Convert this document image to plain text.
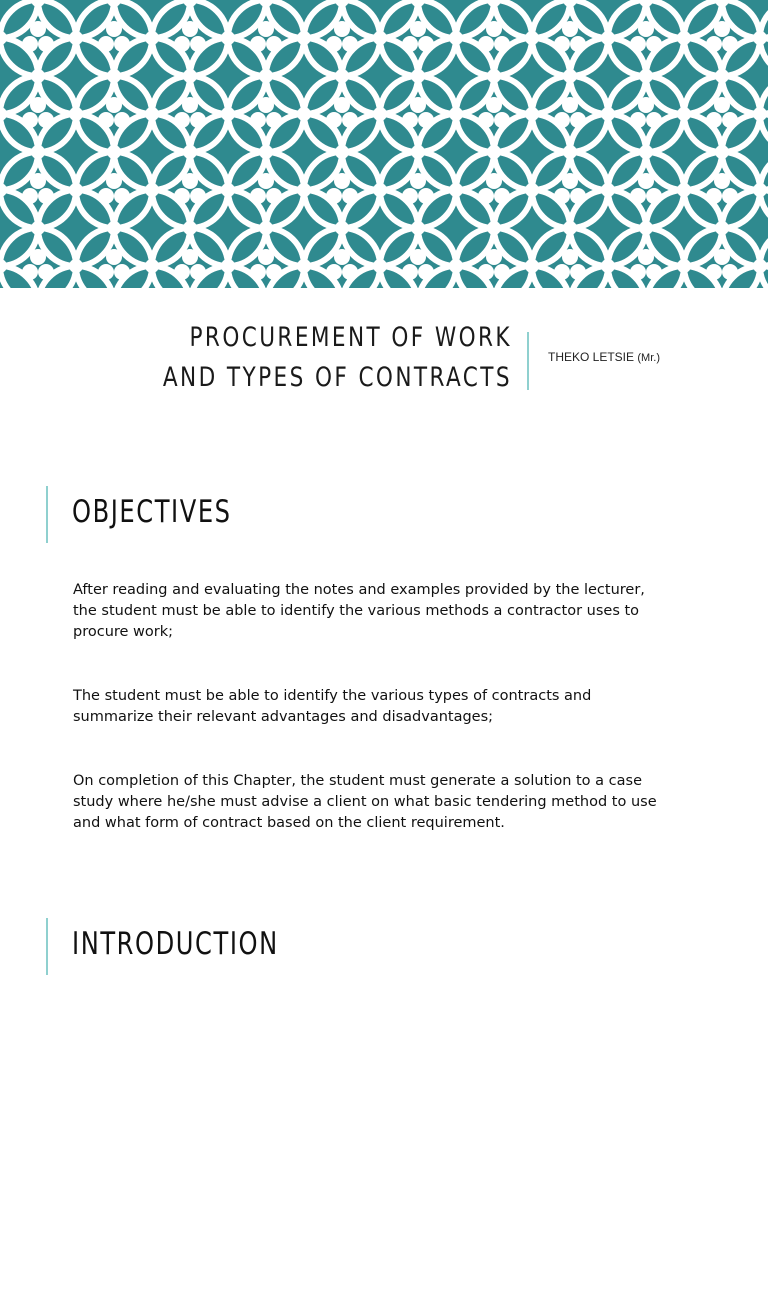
PROCUREMENT OF WORK AND TYPES OF CONTRACTS
THEKO LETSIE (Mr.)
OBJECTIVES

After reading and evaluating the notes and examples provided by the lecturer, the student must be able to identify the various methods a contractor uses to procure work;

The student must be able to identify the various types of contracts and summarize their relevant advantages and disadvantages;

On completion of this Chapter, the student must generate a solution to a case study where he/she must advise a client on what basic tendering method to use and what form of contract based on the client requirement.

INTRODUCTION
